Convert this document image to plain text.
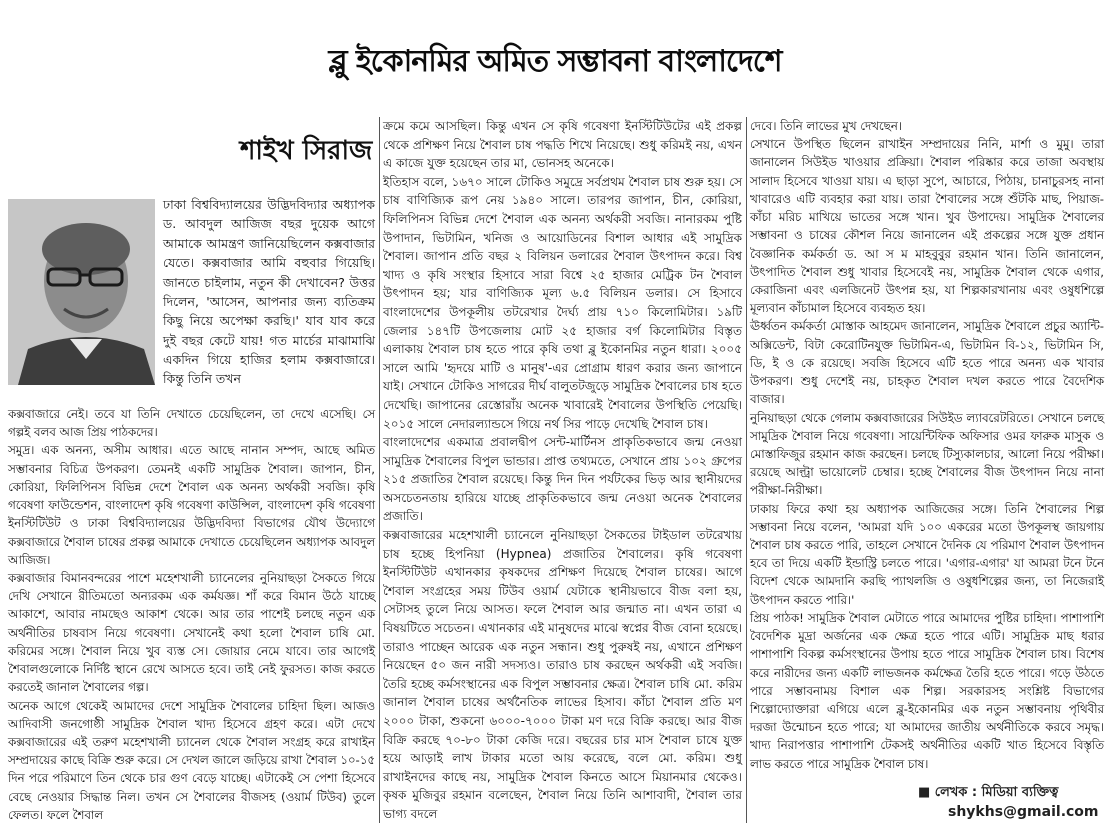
ব্লু ইকোনমির অমিত সম্ভাবনা বাংলাদেশে
শাইখ সিরাজ

ঢাকা বিশ্ববিদ্যালয়ের উদ্ভিদবিদ্যার অধ্যাপক ড. আবদুল আজিজ বছর দুয়েক আগে আমাকে আমন্ত্রণ জানিয়েছিলেন কক্সবাজার যেতে। কক্সবাজার আমি বহুবার গিয়েছি। জানতে চাইলাম, নতুন কী দেখাবেন? উত্তর দিলেন, 'আসেন, আপনার জন্য ব্যতিক্রম কিছু নিয়ে অপেক্ষা করছি।' যাব যাব করে দুই বছর কেটে যায়! গত মার্চের মাঝামাঝি একদিন গিয়ে হাজির হলাম কক্সবাজারে। কিন্তু তিনি তখন

কক্সবাজারে নেই। তবে যা তিনি দেখাতে চেয়েছিলেন, তা দেখে এসেছি। সে গল্পই বলব আজ প্রিয় পাঠকদের।

সমুদ্র। এক অনন্য, অসীম আধার। এতে আছে নানান সম্পদ, আছে অমিত সম্ভাবনার বিচিত্র উপকরণ। তেমনই একটি সামুদ্রিক শৈবাল। জাপান, চীন, কোরিয়া, ফিলিপিনস বিভিন্ন দেশে শৈবাল এক অনন্য অর্থকরী সবজি। কৃষি গবেষণা ফাউন্ডেশন, বাংলাদেশ কৃষি গবেষণা কাউন্সিল, বাংলাদেশ কৃষি গবেষণা ইনস্টিটিউট ও ঢাকা বিশ্ববিদ্যালয়ের উদ্ভিদবিদ্যা বিভাগের যৌথ উদ্যোগে কক্সবাজারে শৈবাল চাষের প্রকল্প আমাকে দেখাতে চেয়েছিলেন অধ্যাপক আবদুল আজিজ।

কক্সবাজার বিমানবন্দরের পাশে মহেশখালী চ্যানেলের নুনিয়াছড়া সৈকতে গিয়ে দেখি সেখানে রীতিমতো অন্যরকম এক কর্মযজ্ঞ। শাঁ করে বিমান উঠে যাচ্ছে আকাশে, আবার নামছেও আকাশ থেকে। আর তার পাশেই চলছে নতুন এক অর্থনীতির চাষবাস নিয়ে গবেষণা। সেখানেই কথা হলো শৈবাল চাষি মো. করিমের সঙ্গে। শৈবাল নিয়ে খুব ব্যস্ত সে। জোয়ার নেমে যাবে। তার আগেই শৈবালগুলোকে নির্দিষ্ট স্থানে রেখে আসতে হবে। তাই নেই ফুরসত। কাজ করতে করতেই জানাল শৈবালের গল্প।

অনেক আগে থেকেই আমাদের দেশে সামুদ্রিক শৈবালের চাহিদা ছিল। আজও আদিবাসী জনগোষ্ঠী সামুদ্রিক শৈবাল খাদ্য হিসেবে গ্রহণ করে। এটা দেখে কক্সবাজারের এই তরুণ মহেশখালী চ্যানেল থেকে শৈবাল সংগ্রহ করে রাখাইন সম্প্রদায়ের কাছে বিক্রি শুরু করে। সে দেখল জালে জড়িয়ে রাখা শৈবাল ১০-১৫ দিন পরে পরিমাণে তিন থেকে চার গুণ বেড়ে যাচ্ছে। এটাকেই সে পেশা হিসেবে বেছে নেওয়ার সিদ্ধান্ত নিল। তখন সে শৈবালের বীজসহ (ওয়ার্ম টিউব) তুলে ফেলত। ফলে শৈবাল

ক্রমে কমে আসছিল। কিন্তু এখন সে কৃষি গবেষণা ইনস্টিটিউটের এই প্রকল্প থেকে প্রশিক্ষণ নিয়ে শৈবাল চাষ পদ্ধতি শিখে নিয়েছে। শুধু করিমই নয়, এখন এ কাজে যুক্ত হয়েছেন তার মা, ভোনসহ অনেকে।

ইতিহাস বলে, ১৬৭০ সালে টোকিও সমুদ্রে সর্বপ্রথম শৈবাল চাষ শুরু হয়। সে চাষ বাণিজ্যিক রূপ নেয় ১৯৪০ সালে। তারপর জাপান, চীন, কোরিয়া, ফিলিপিনস বিভিন্ন দেশে শৈবাল এক অনন্য অর্থকরী সবজি। নানারকম পুষ্টি উপাদান, ভিটামিন, খনিজ ও আয়োডিনের বিশাল আধার এই সামুদ্রিক শৈবাল। জাপান প্রতি বছর ২ বিলিয়ন ডলারের শৈবাল উৎপাদন করে। বিশ্ব খাদ্য ও কৃষি সংস্থার হিসাবে সারা বিশ্বে ২৫ হাজার মেট্রিক টন শৈবাল উৎপাদন হয়; যার বাণিজ্যিক মূল্য ৬.৫ বিলিয়ন ডলার। সে হিসাবে বাংলাদেশের উপকূলীয় তটরেখার দৈর্ঘ্য প্রায় ৭১০ কিলোমিটার। ১৯টি জেলার ১৪৭টি উপজেলায় মোট ২৫ হাজার বর্গ কিলোমিটার বিস্তৃত এলাকায় শৈবাল চাষ হতে পারে কৃষি তথা ব্লু ইকোনমির নতুন ধারা। ২০০৫ সালে আমি 'হৃদয়ে মাটি ও মানুষ'-এর প্রোগ্রাম ধারণ করার জন্য জাপানে যাই। সেখানে টোকিও সাগরের দীর্ঘ বালুতটজুড়ে সামুদ্রিক শৈবালের চাষ হতে দেখেছি। জাপানের রেস্তোরাঁয় অনেক খাবারেই শৈবালের উপস্থিতি পেয়েছি। ২০১৫ সালে নেদারল্যান্ডসে গিয়ে নর্থ সির পাড়ে দেখেছি শৈবাল চাষ।

বাংলাদেশের একমাত্র প্রবালদ্বীপ সেন্ট-মার্টিনস প্রাকৃতিকভাবে জন্ম নেওয়া সামুদ্রিক শৈবালের বিপুল ভান্ডার। প্রাপ্ত তথ্যমতে, সেখানে প্রায় ১০২ গ্রুপের ২১৫ প্রজাতির শৈবাল রয়েছে। কিন্তু দিন দিন পর্যটকের ভিড় আর স্থানীয়দের অসচেতনতায় হারিয়ে যাচ্ছে প্রাকৃতিকভাবে জন্ম নেওয়া অনেক শৈবালের প্রজাতি।

কক্সবাজারের মহেশখালী চ্যানেলে নুনিয়াছড়া সৈকতের টাইডাল তটরেখায় চাষ হচ্ছে হিপনিয়া (Hypnea) প্রজাতির শৈবালের। কৃষি গবেষণা ইনস্টিটিউট এখানকার কৃষকদের প্রশিক্ষণ দিয়েছে শৈবাল চাষের। আগে শৈবাল সংগ্রহের সময় টিউব ওয়ার্ম যেটাকে স্থানীয়ভাবে বীজ বলা হয়, সেটাসহ তুলে নিয়ে আসত। ফলে শৈবাল আর জন্মাত না। এখন তারা এ বিষয়টিতে সচেতন। এখানকার এই মানুষদের মাঝে স্বপ্নের বীজ বোনা হয়েছে। তারাও পাচ্ছেন আরেক এক নতুন সন্ধান। শুধু পুরুষই নয়, এখানে প্রশিক্ষণ নিয়েছেন ৫০ জন নারী সদস্যও। তারাও চাষ করছেন অর্থকরী এই সবজি। তৈরি হচ্ছে কর্মসংস্থানের এক বিপুল সম্ভাবনার ক্ষেত্র। শৈবাল চাষি মো. করিম জানাল শৈবাল চাষের অর্থনৈতিক লাভের হিসাব। কাঁচা শৈবাল প্রতি মণ ২০০০ টাকা, শুকনো ৬০০০-৭০০০ টাকা মণ দরে বিক্রি করছে। আর বীজ বিক্রি করছে ৭০-৮০ টাকা কেজি দরে। বছরের চার মাস শৈবাল চাষে যুক্ত হয়ে আড়াই লাখ টাকার মতো আয় করেছে, বলে মো. করিম। শুধু রাখাইনদের কাছে নয়, সামুদ্রিক শৈবাল কিনতে আসে মিয়ানমার থেকেও। কৃষক মুজিবুর রহমান বলেছেন, শৈবাল নিয়ে তিনি আশাবাদী, শৈবাল তার ভাগ্য বদলে

দেবে। তিনি লাভের মুখ দেখছেন।

সেখানে উপস্থিত ছিলেন রাখাইন সম্প্রদায়ের নিনি, মার্শা ও মুমু। তারা জানালেন সিউইড খাওয়ার প্রক্রিয়া। শৈবাল পরিষ্কার করে তাজা অবস্থায় সালাদ হিসেবে খাওয়া যায়। এ ছাড়া সুপে, আচারে, পিঠায়, চানাচুরসহ নানা খাবারেও এটি ব্যবহার করা যায়। তারা শৈবালের সঙ্গে শুঁটকি মাছ, পিয়াজ-কাঁচা মরিচ মাখিয়ে ভাতের সঙ্গে খান। খুব উপাদেয়। সামুদ্রিক শৈবালের সম্ভাবনা ও চাষের কৌশল নিয়ে জানালেন এই প্রকল্পের সঙ্গে যুক্ত প্রধান বৈজ্ঞানিক কর্মকর্তা ড. আ স ম মাহবুবুর রহমান খান। তিনি জানালেন, উৎপাদিত শৈবাল শুধু খাবার হিসেবেই নয়, সামুদ্রিক শৈবাল থেকে এগার, কেরাজিনা এবং এলজিনেট উৎপন্ন হয়, যা শিল্পকারখানায় এবং ওষুধশিল্পে মূল্যবান কাঁচামাল হিসেবে ব্যবহৃত হয়।

ঊর্ধ্বতন কর্মকর্তা মোস্তাক আহমেদ জানালেন, সামুদ্রিক শৈবালে প্রচুর অ্যান্টি-অক্সিডেন্ট, বিটা কেরোটিনযুক্ত ভিটামিন-এ, ভিটামিন বি-১২, ভিটামিন সি, ডি, ই ও কে রয়েছে। সবজি হিসেবে এটি হতে পারে অনন্য এক খাবার উপকরণ। শুধু দেশেই নয়, চাহকৃত শৈবাল দখল করতে পারে বৈদেশিক বাজার।

নুনিয়াছড়া থেকে গেলাম কক্সবাজারের সিউইড ল্যাবরেটরিতে। সেখানে চলছে সামুদ্রিক শৈবাল নিয়ে গবেষণা। সায়েন্টিফিক অফিসার ওমর ফারুক মাসুক ও মোস্তাফিজুর রহমান কাজ করছেন। চলছে টিস্যুকালচার, আলো নিয়ে পরীক্ষা। রয়েছে আল্ট্রা ভায়োলেট চেম্বার। হচ্ছে শৈবালের বীজ উৎপাদন নিয়ে নানা পরীক্ষা-নিরীক্ষা।

ঢাকায় ফিরে কথা হয় অধ্যাপক আজিজের সঙ্গে। তিনি শৈবালের শিল্প সম্ভাবনা নিয়ে বলেন, 'আমরা যদি ১০০ একরের মতো উপকূলস্থ জায়গায় শৈবাল চাষ করতে পারি, তাহলে সেখানে দৈনিক যে পরিমাণ শৈবাল উৎপাদন হবে তা দিয়ে একটি ইন্ডাস্ট্রি চলতে পারে। 'এগার-এগার' যা আমরা টনে টনে বিদেশ থেকে আমদানি করছি প্যাথলজি ও ওষুধশিল্পের জন্য, তা নিজেরাই উৎপাদন করতে পারি।'

প্রিয় পাঠক! সামুদ্রিক শৈবাল মেটাতে পারে আমাদের পুষ্টির চাহিদা। পাশাপাশি বৈদেশিক মুদ্রা অর্জনের এক ক্ষেত্র হতে পারে এটি। সামুদ্রিক মাছ ধরার পাশাপাশি বিকল্প কর্মসংস্থানের উপায় হতে পারে সামুদ্রিক শৈবাল চাষ। বিশেষ করে নারীদের জন্য একটি লাভজনক কর্মক্ষেত্র তৈরি হতে পারে। গড়ে উঠতে পারে সম্ভাবনাময় বিশাল এক শিল্প। সরকারসহ সংশ্লিষ্ট বিভাগের শিল্পোদ্যোক্তারা এগিয়ে এলে ব্লু-ইকোনমির এক নতুন সম্ভাবনায় পৃথিবীর দরজা উন্মোচন হতে পারে; যা আমাদের জাতীয় অর্থনীতিকে করবে সমৃদ্ধ। খাদ্য নিরাপত্তার পাশাপাশি টেকসই অর্থনীতির একটি খাত হিসেবে বিস্তৃতি লাভ করতে পারে সামুদ্রিক শৈবাল চাষ।

■ লেখক : মিডিয়া ব্যক্তিত্ব
shykhs@gmail.com
